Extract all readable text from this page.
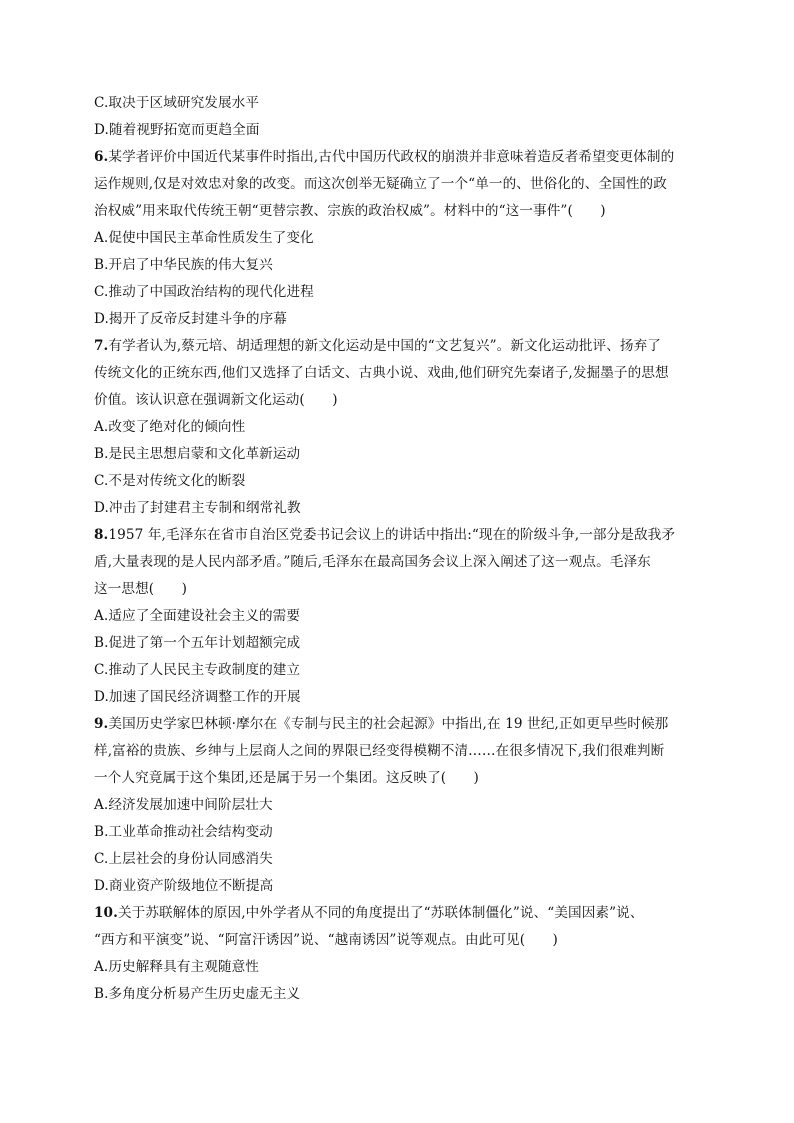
C.取决于区域研究发展水平
D.随着视野拓宽而更趋全面
6.某学者评价中国近代某事件时指出,古代中国历代政权的崩溃并非意味着造反者希望变更体制的
运作规则,仅是对效忠对象的改变。而这次创举无疑确立了一个“单一的、世俗化的、全国性的政
治权威”用来取代传统王朝“更替宗教、宗族的政治权威”。材料中的“这一事件”(　　)
A.促使中国民主革命性质发生了变化
B.开启了中华民族的伟大复兴
C.推动了中国政治结构的现代化进程
D.揭开了反帝反封建斗争的序幕
7.有学者认为,蔡元培、胡适理想的新文化运动是中国的“文艺复兴”。新文化运动批评、扬弃了
传统文化的正统东西,他们又选择了白话文、古典小说、戏曲,他们研究先秦诸子,发掘墨子的思想
价值。该认识意在强调新文化运动(　　)
A.改变了绝对化的倾向性
B.是民主思想启蒙和文化革新运动
C.不是对传统文化的断裂
D.冲击了封建君主专制和纲常礼教
8.1957 年,毛泽东在省市自治区党委书记会议上的讲话中指出:“现在的阶级斗争,一部分是敌我矛
盾,大量表现的是人民内部矛盾。”随后,毛泽东在最高国务会议上深入阐述了这一观点。毛泽东
这一思想(　　)
A.适应了全面建设社会主义的需要
B.促进了第一个五年计划超额完成
C.推动了人民民主专政制度的建立
D.加速了国民经济调整工作的开展
9.美国历史学家巴林顿·摩尔在《专制与民主的社会起源》中指出,在 19 世纪,正如更早些时候那
样,富裕的贵族、乡绅与上层商人之间的界限已经变得模糊不清……在很多情况下,我们很难判断
一个人究竟属于这个集团,还是属于另一个集团。这反映了(　　)
A.经济发展加速中间阶层壮大
B.工业革命推动社会结构变动
C.上层社会的身份认同感消失
D.商业资产阶级地位不断提高
10.关于苏联解体的原因,中外学者从不同的角度提出了“苏联体制僵化”说、“美国因素”说、
“西方和平演变”说、“阿富汗诱因”说、“越南诱因”说等观点。由此可见(　　)
A.历史解释具有主观随意性
B.多角度分析易产生历史虚无主义
